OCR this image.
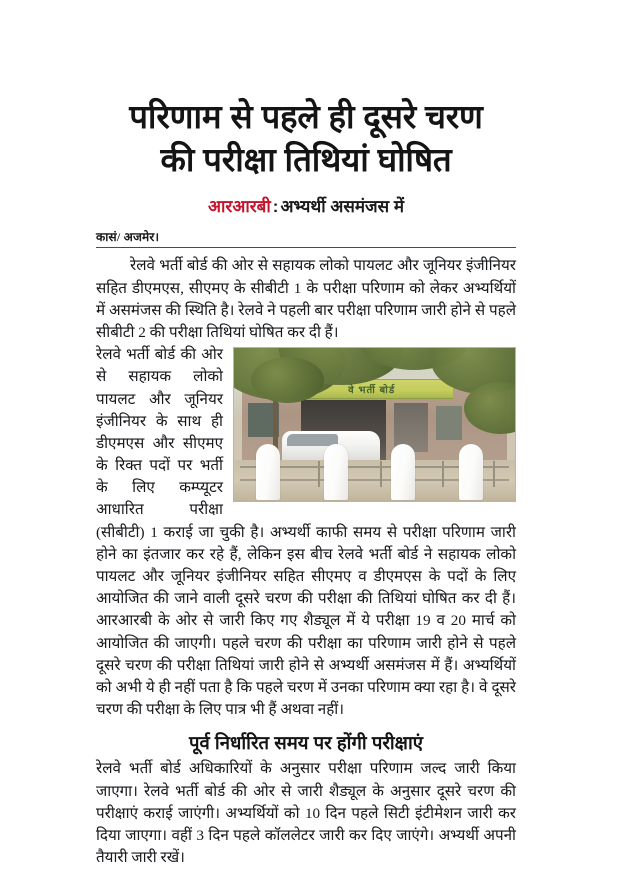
परिणाम से पहले ही दूसरे चरण
की परीक्षा तिथियां घोषित
आरआरबी : अभ्यर्थी असमंजस में

कासं/ अजमेर।

रेलवे भर्ती बोर्ड की ओर से सहायक लोको पायलट और जूनियर इंजीनियर सहित डीएमएस, सीएमए के सीबीटी 1 के परीक्षा परिणाम को लेकर अभ्यर्थियों में असमंजस की स्थिति है। रेलवे ने पहली बार परीक्षा परिणाम जारी होने से पहले सीबीटी 2 की परीक्षा तिथियां घोषित कर दी हैं।

वे भर्ती बोर्ड
रेलवे भर्ती बोर्ड की ओर से सहायक लोको पायलट और जूनियर इंजीनियर के साथ ही डीएमएस और सीएमए के रिक्त पदों पर भर्ती के लिए कम्प्यूटर आधारित परीक्षा (सीबीटी) 1 कराई जा चुकी है। अभ्यर्थी काफी समय से परीक्षा परिणाम जारी होने का इंतजार कर रहे हैं, लेकिन इस बीच रेलवे भर्ती बोर्ड ने सहायक लोको पायलट और जूनियर इंजीनियर सहित सीएमए व डीएमएस के पदों के लिए आयोजित की जाने वाली दूसरे चरण की परीक्षा की तिथियां घोषित कर दी हैं। आरआरबी के ओर से जारी किए गए शैड्यूल में ये परीक्षा 19 व 20 मार्च को आयोजित की जाएगी। पहले चरण की परीक्षा का परिणाम जारी होने से पहले दूसरे चरण की परीक्षा तिथियां जारी होने से अभ्यर्थी असमंजस में हैं। अभ्यर्थियों को अभी ये ही नहीं पता है कि पहले चरण में उनका परिणाम क्या रहा है। वे दूसरे चरण की परीक्षा के लिए पात्र भी हैं अथवा नहीं।
पूर्व निर्धारित समय पर होंगी परीक्षाएं

रेलवे भर्ती बोर्ड अधिकारियों के अनुसार परीक्षा परिणाम जल्द जारी किया जाएगा। रेलवे भर्ती बोर्ड की ओर से जारी शैड्यूल के अनुसार दूसरे चरण की परीक्षाएं कराई जाएंगी। अभ्यर्थियों को 10 दिन पहले सिटी इंटीमेशन जारी कर दिया जाएगा। वहीं 3 दिन पहले कॉललेटर जारी कर दिए जाएंगे। अभ्यर्थी अपनी तैयारी जारी रखें।
